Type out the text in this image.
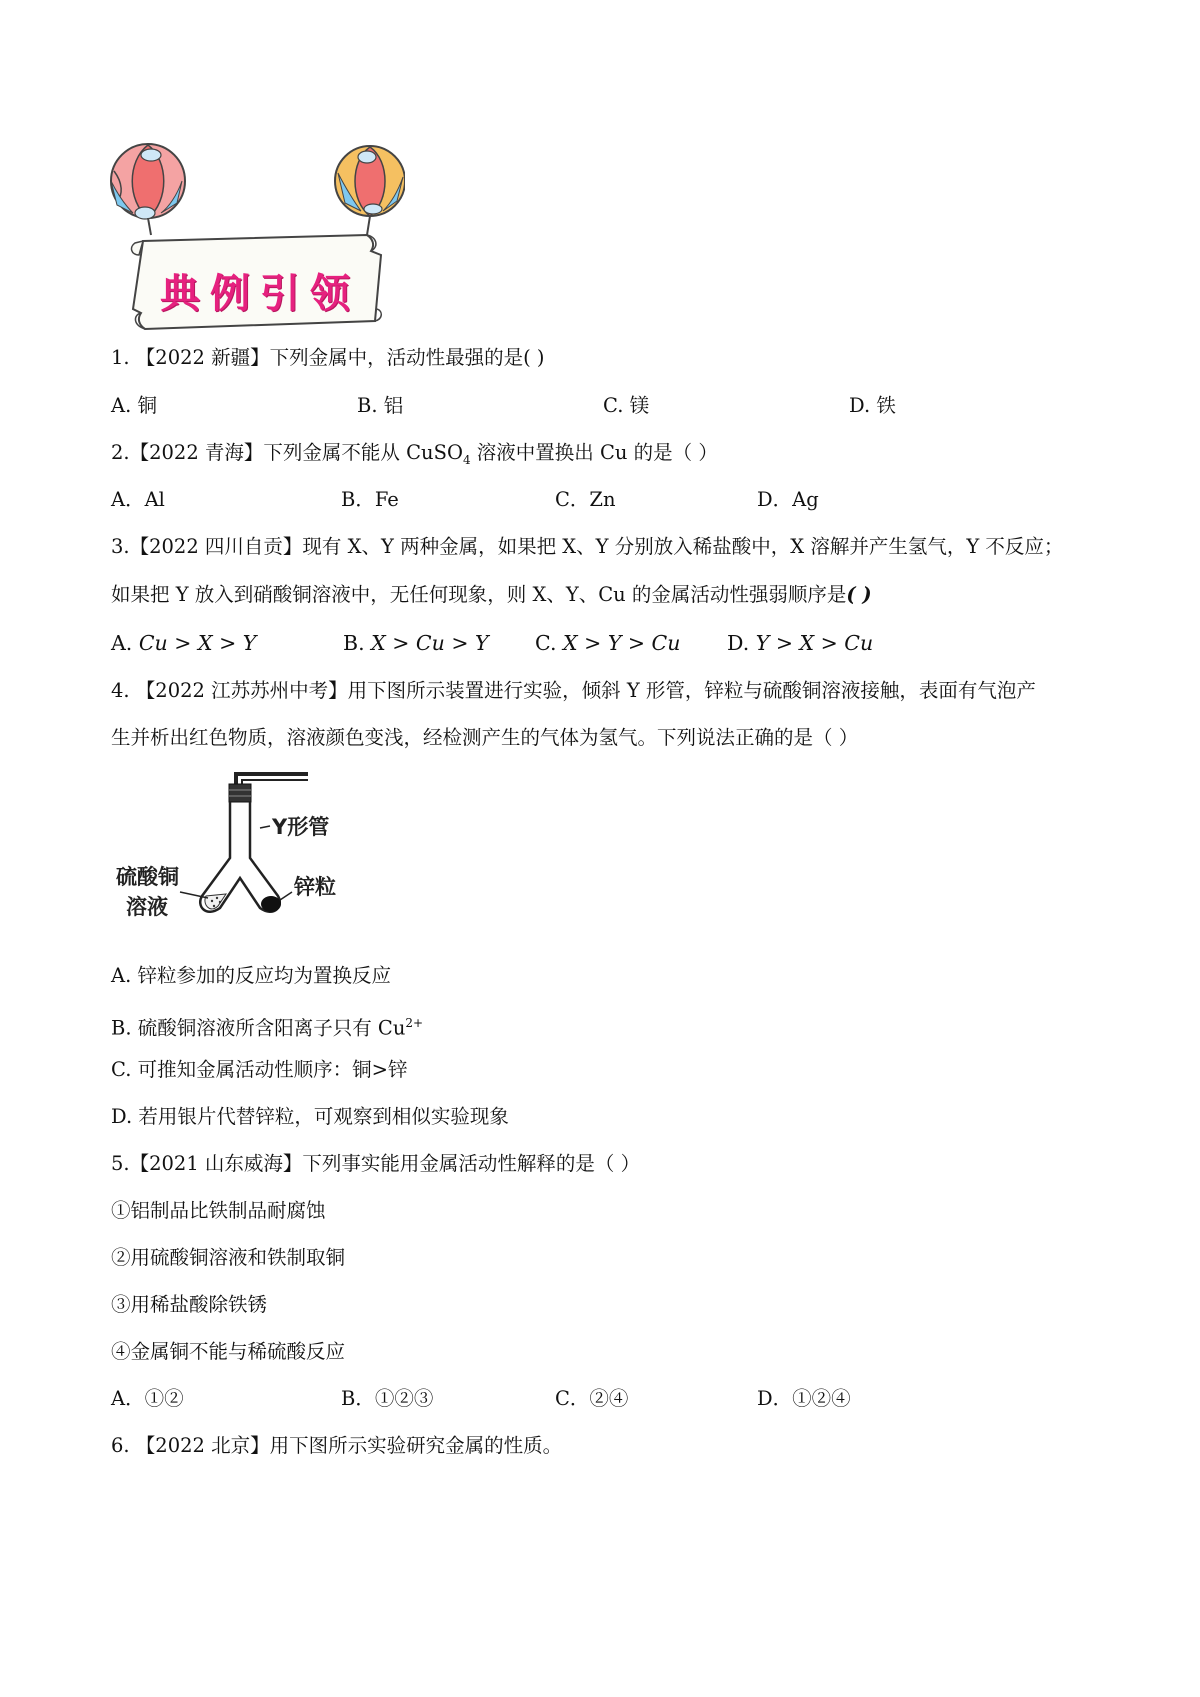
典例引领
1. 【2022 新疆】下列金属中，活动性最强的是( )
A. 铜	B. 铝	C. 镁	D. 铁
2.【2022 青海】下列金属不能从 CuSO$_4$ 溶液中置换出 Cu 的是（ ）
A．Al	B．Fe	C．Zn	D．Ag
3.【2022 四川自贡】现有 X、Y 两种金属，如果把 X、Y 分别放入稀盐酸中，X 溶解并产生氢气，Y 不反应；
如果把 Y 放入到硝酸铜溶液中，无任何现象，则 X、Y、Cu 的金属活动性强弱顺序是( )
A. Cu > X > Y	B. X > Cu > Y C. X > Y > Cu D. Y > X > Cu
4. 【2022 江苏苏州中考】用下图所示装置进行实验，倾斜 Y 形管，锌粒与硫酸铜溶液接触，表面有气泡产
生并析出红色物质，溶液颜色变浅，经检测产生的气体为氢气。下列说法正确的是（ ）
Y形管
硫酸铜
溶液
锌粒
A. 锌粒参加的反应均为置换反应
B. 硫酸铜溶液所含阳离子只有 $Cu^{2+}$
C. 可推知金属活动性顺序：铜>锌
D. 若用银片代替锌粒，可观察到相似实验现象
5.【2021 山东威海】下列事实能用金属活动性解释的是（ ）
①铝制品比铁制品耐腐蚀
②用硫酸铜溶液和铁制取铜
③用稀盐酸除铁锈
④金属铜不能与稀硫酸反应
A．①②	B．①②③	C．②④	D．①②④
6. 【2022 北京】用下图所示实验研究金属的性质。
